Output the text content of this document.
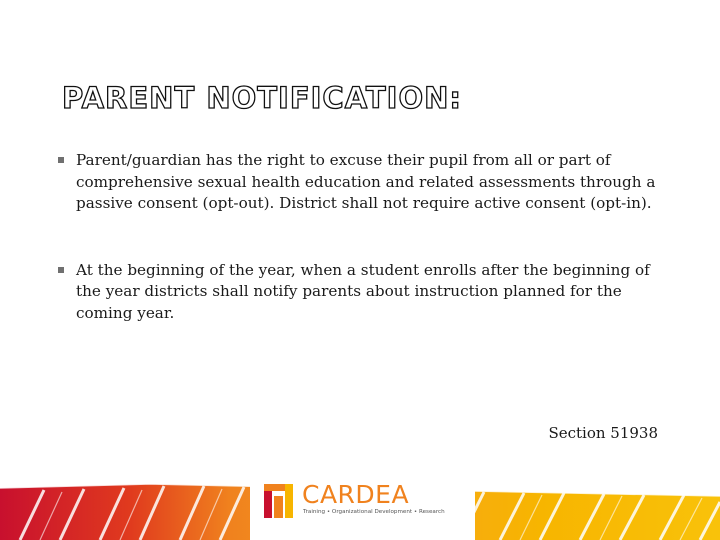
PARENT NOTIFICATION:
Parent/guardian has the right to excuse their pupil from all or part of comprehensive sexual health education and related assessments through a passive consent (opt-out). District shall not require active consent (opt-in).
At the beginning of the year, when a student enrolls after the beginning of the year districts shall notify parents about instruction planned for the coming year.
Section 51938
CARDEA
Training • Organizational Development • Research
